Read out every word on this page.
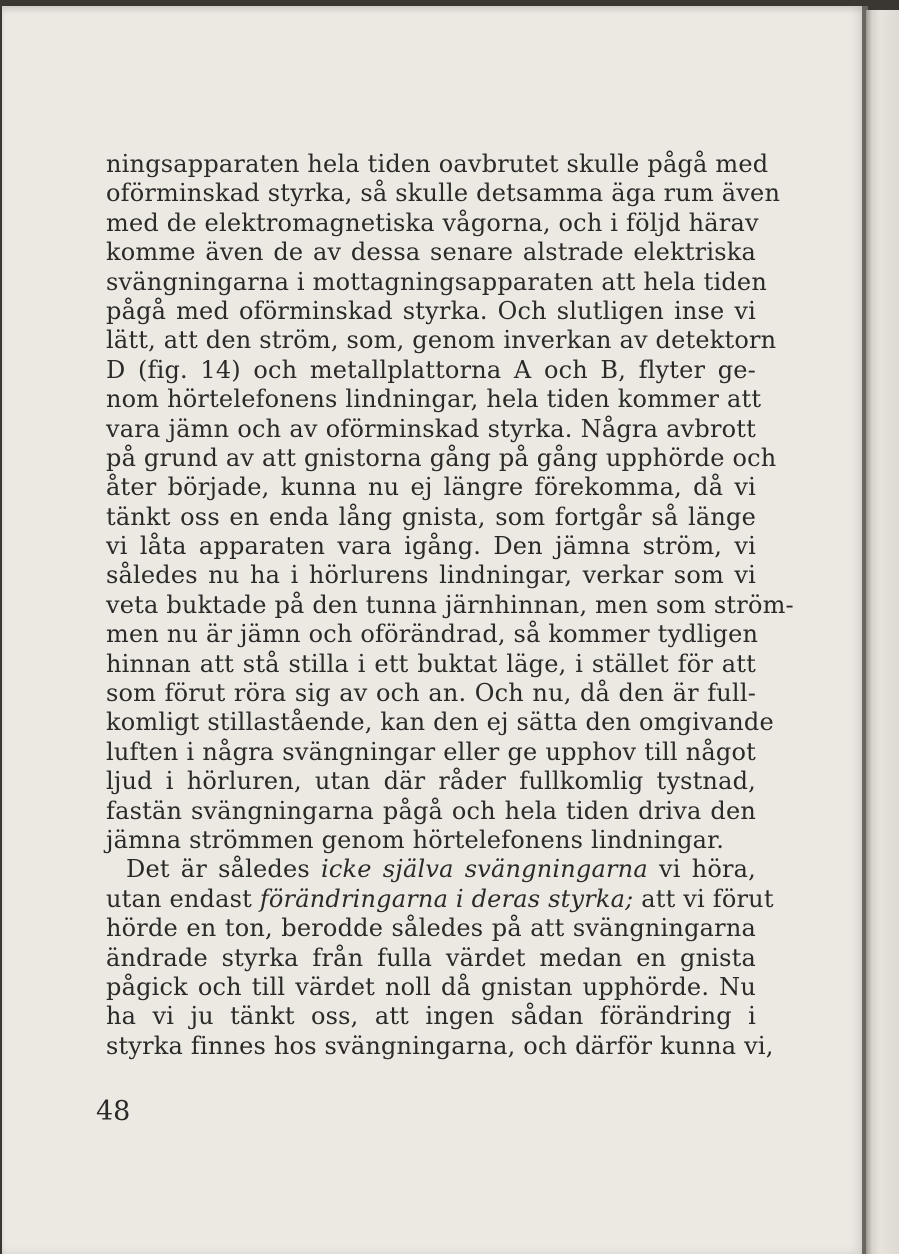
ningsapparaten hela tiden oavbrutet skulle pågå med
oförminskad styrka, så skulle detsamma äga rum även
med de elektromagnetiska vågorna, och i följd härav
komme även de av dessa senare alstrade elektriska
svängningarna i mottagningsapparaten att hela tiden
pågå med oförminskad styrka. Och slutligen inse vi
lätt, att den ström, som, genom inverkan av detektorn
D (fig. 14) och metallplattorna A och B, flyter ge-
nom hörtelefonens lindningar, hela tiden kommer att
vara jämn och av oförminskad styrka. Några avbrott
på grund av att gnistorna gång på gång upphörde och
åter började, kunna nu ej längre förekomma, då vi
tänkt oss en enda lång gnista, som fortgår så länge
vi låta apparaten vara igång. Den jämna ström, vi
således nu ha i hörlurens lindningar, verkar som vi
veta buktade på den tunna järnhinnan, men som ström-
men nu är jämn och oförändrad, så kommer tydligen
hinnan att stå stilla i ett buktat läge, i stället för att
som förut röra sig av och an. Och nu, då den är full-
komligt stillastående, kan den ej sätta den omgivande
luften i några svängningar eller ge upphov till något
ljud i hörluren, utan där råder fullkomlig tystnad,
fastän svängningarna pågå och hela tiden driva den
jämna strömmen genom hörtelefonens lindningar.
Det är således icke själva svängningarna vi höra,
utan endast förändringarna i deras styrka; att vi förut
hörde en ton, berodde således på att svängningarna
ändrade styrka från fulla värdet medan en gnista
pågick och till värdet noll då gnistan upphörde. Nu
ha vi ju tänkt oss, att ingen sådan förändring i
styrka finnes hos svängningarna, och därför kunna vi,
48
